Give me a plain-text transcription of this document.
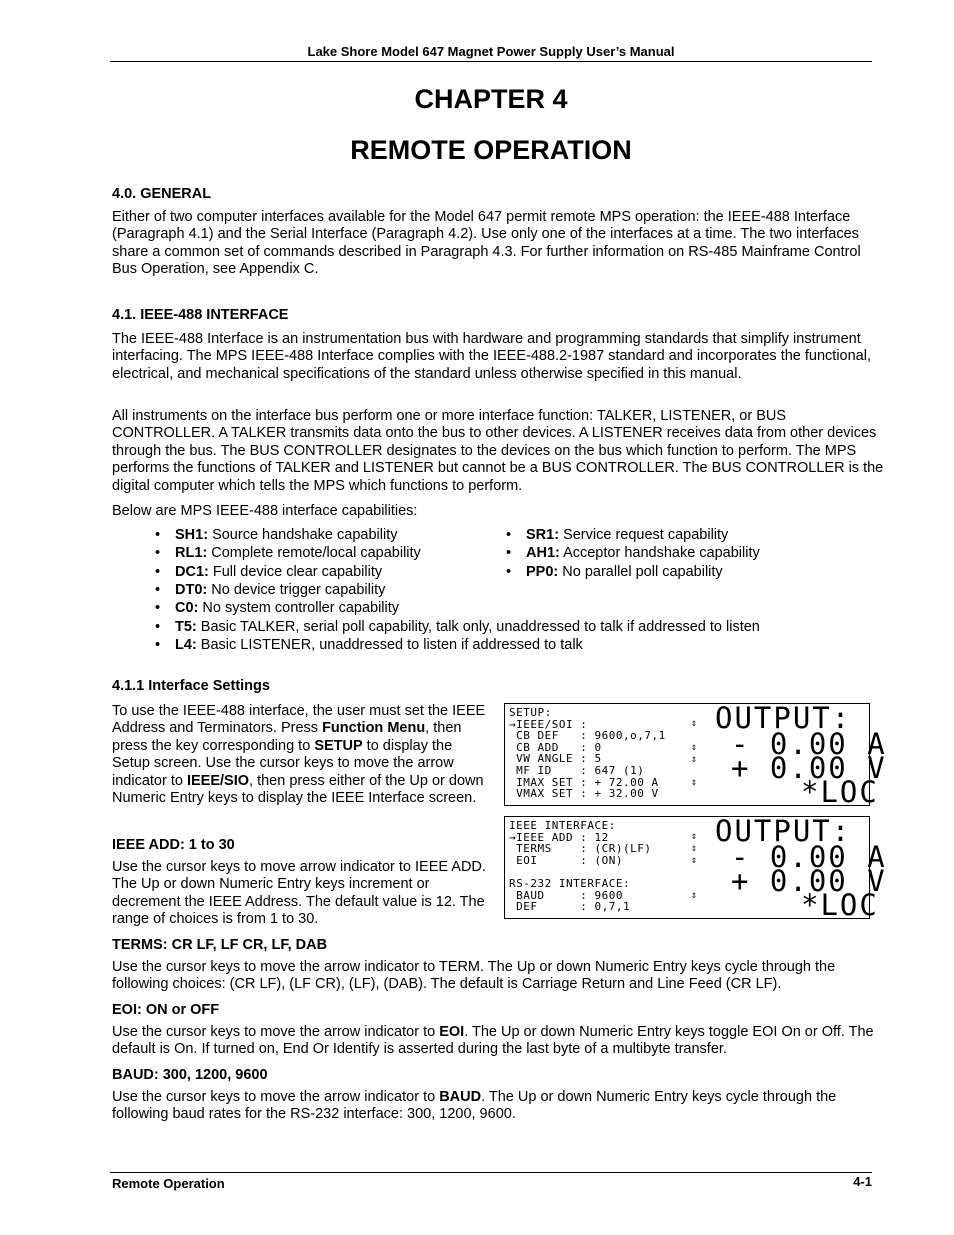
Lake Shore Model 647 Magnet Power Supply User’s Manual
CHAPTER 4
REMOTE OPERATION
4.0. GENERAL

Either of two computer interfaces available for the Model 647 permit remote MPS operation: the IEEE-488 Interface (Paragraph 4.1) and the Serial Interface (Paragraph 4.2). Use only one of the interfaces at a time. The two interfaces share a common set of commands described in Paragraph 4.3. For further information on RS-485 Mainframe Control Bus Operation, see Appendix C.

4.1. IEEE-488 INTERFACE

The IEEE-488 Interface is an instrumentation bus with hardware and programming standards that simplify instrument interfacing. The MPS IEEE-488 Interface complies with the IEEE-488.2-1987 standard and incorporates the functional, electrical, and mechanical specifications of the standard unless otherwise specified in this manual.

All instruments on the interface bus perform one or more interface function: TALKER, LISTENER, or BUS CONTROLLER. A TALKER transmits data onto the bus to other devices. A LISTENER receives data from other devices through the bus. The BUS CONTROLLER designates to the devices on the bus which function to perform. The MPS performs the functions of TALKER and LISTENER but cannot be a BUS CONTROLLER. The BUS CONTROLLER is the digital computer which tells the MPS which functions to perform.

Below are MPS IEEE-488 interface capabilities:

• SH1: Source handshake capability
• RL1: Complete remote/local capability
• DC1: Full device clear capability
• DT0: No device trigger capability
• C0: No system controller capability
• T5: Basic TALKER, serial poll capability, talk only, unaddressed to talk if addressed to listen
• L4: Basic LISTENER, unaddressed to listen if addressed to talk
• SR1: Service request capability
• AH1: Acceptor handshake capability
• PP0: No parallel poll capability
4.1.1 Interface Settings

To use the IEEE-488 interface, the user must set the IEEE Address and Terminators. Press Function Menu, then press the key corresponding to SETUP to display the Setup screen. Use the cursor keys to move the arrow indicator to IEEE/SIO, then press either of the Up or down Numeric Entry keys to display the IEEE Interface screen.

IEEE ADD: 1 to 30

Use the cursor keys to move arrow indicator to IEEE ADD. The Up or down Numeric Entry keys increment or decrement the IEEE Address. The default value is 12. The range of choices is from 1 to 30.

SETUP:
→IEEE/SOI :
CB DEF   : 9600,o,7,1
CB ADD   : 0
VW ANGLE : 5
MF ID    : 647 (1)
IMAX SET : + 72.00 A
VMAX SET : + 32.00 V
⇕
⇕
⇕
⇕
OUTPUT:
- 0.00 A
+ 0.00 V
*LOC
IEEE INTERFACE:
→IEEE ADD : 12
TERMS    : (CR)(LF)
EOI      : (ON)

RS-232 INTERFACE:
BAUD     : 9600
DEF      : 0,7,1
⇕
⇕
⇕
⇕
OUTPUT:
- 0.00 A
+ 0.00 V
*LOC
TERMS: CR LF, LF CR, LF, DAB

Use the cursor keys to move the arrow indicator to TERM. The Up or down Numeric Entry keys cycle through the following choices: (CR LF), (LF CR), (LF), (DAB). The default is Carriage Return and Line Feed (CR LF).

EOI: ON or OFF

Use the cursor keys to move the arrow indicator to EOI. The Up or down Numeric Entry keys toggle EOI On or Off. The default is On. If turned on, End Or Identify is asserted during the last byte of a multibyte transfer.

BAUD: 300, 1200, 9600

Use the cursor keys to move the arrow indicator to BAUD. The Up or down Numeric Entry keys cycle through the following baud rates for the RS-232 interface: 300, 1200, 9600.

Remote Operation	4-1
